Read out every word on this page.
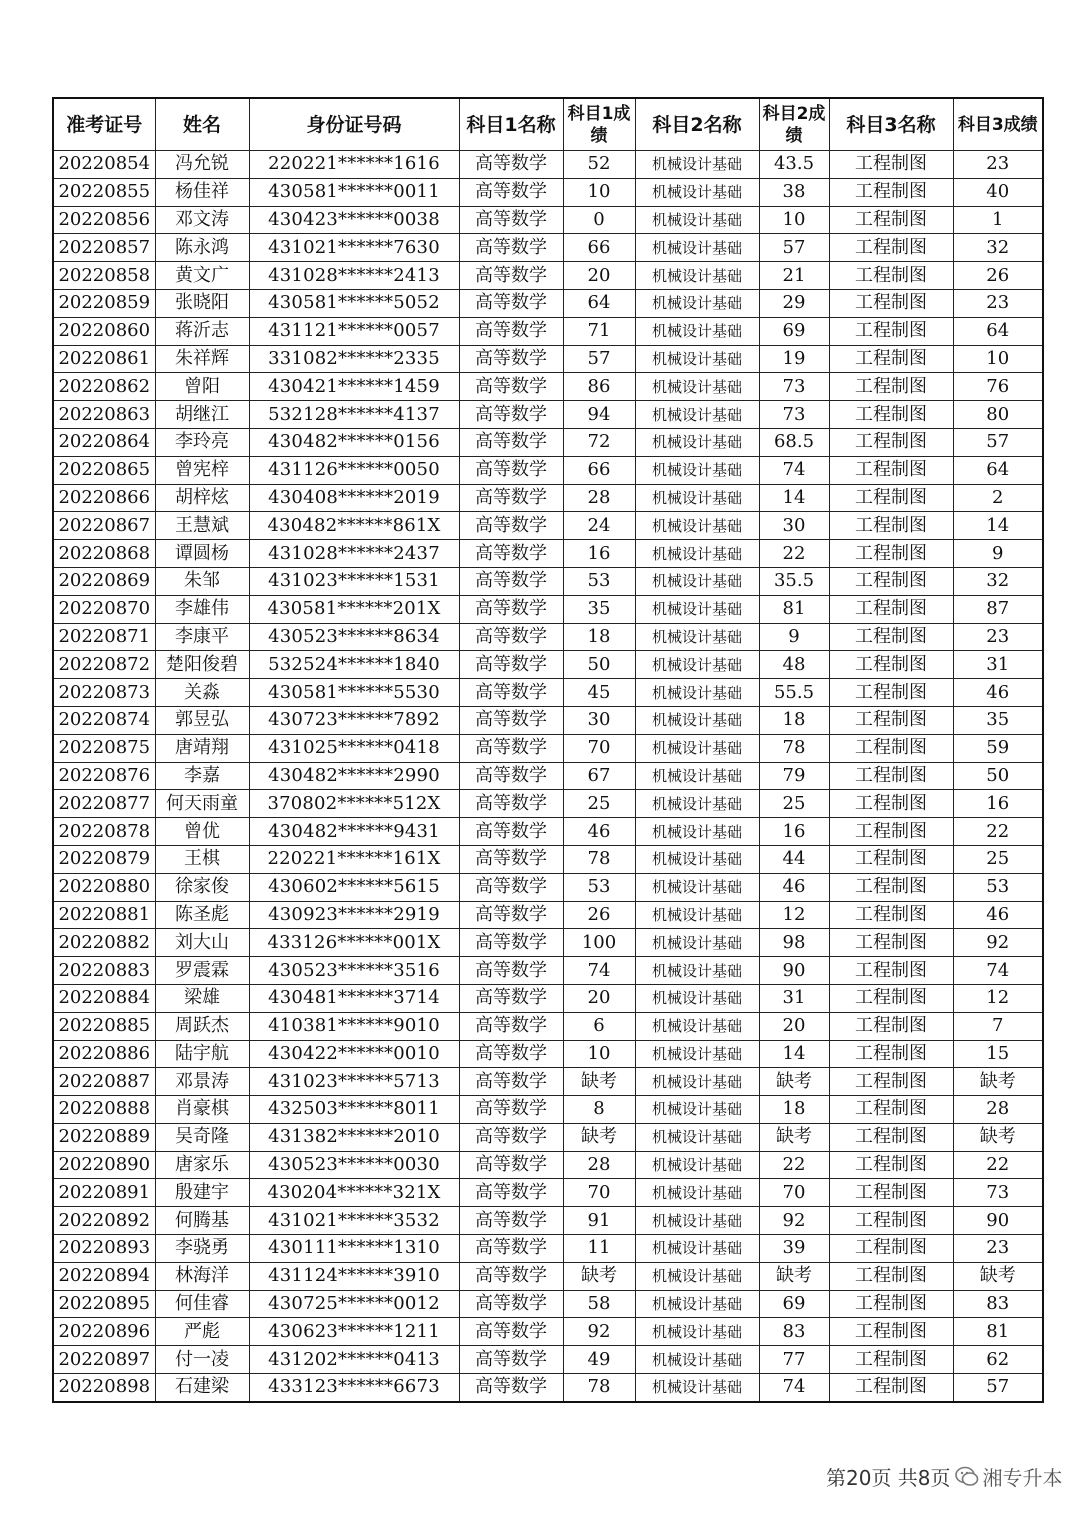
准考证号	姓名	身份证号码	科目1名称	科目1成绩	科目2名称	科目2成绩	科目3名称	科目3成绩
20220854	冯允锐	220221******1616	高等数学	52	机械设计基础	43.5	工程制图	23
20220855	杨佳祥	430581******0011	高等数学	10	机械设计基础	38	工程制图	40
20220856	邓文涛	430423******0038	高等数学	0	机械设计基础	10	工程制图	1
20220857	陈永鸿	431021******7630	高等数学	66	机械设计基础	57	工程制图	32
20220858	黄文广	431028******2413	高等数学	20	机械设计基础	21	工程制图	26
20220859	张晓阳	430581******5052	高等数学	64	机械设计基础	29	工程制图	23
20220860	蒋沂志	431121******0057	高等数学	71	机械设计基础	69	工程制图	64
20220861	朱祥辉	331082******2335	高等数学	57	机械设计基础	19	工程制图	10
20220862	曾阳	430421******1459	高等数学	86	机械设计基础	73	工程制图	76
20220863	胡继江	532128******4137	高等数学	94	机械设计基础	73	工程制图	80
20220864	李玲亮	430482******0156	高等数学	72	机械设计基础	68.5	工程制图	57
20220865	曾宪梓	431126******0050	高等数学	66	机械设计基础	74	工程制图	64
20220866	胡梓炫	430408******2019	高等数学	28	机械设计基础	14	工程制图	2
20220867	王慧斌	430482******861X	高等数学	24	机械设计基础	30	工程制图	14
20220868	谭圆杨	431028******2437	高等数学	16	机械设计基础	22	工程制图	9
20220869	朱邹	431023******1531	高等数学	53	机械设计基础	35.5	工程制图	32
20220870	李雄伟	430581******201X	高等数学	35	机械设计基础	81	工程制图	87
20220871	李康平	430523******8634	高等数学	18	机械设计基础	9	工程制图	23
20220872	楚阳俊碧	532524******1840	高等数学	50	机械设计基础	48	工程制图	31
20220873	关淼	430581******5530	高等数学	45	机械设计基础	55.5	工程制图	46
20220874	郭昱弘	430723******7892	高等数学	30	机械设计基础	18	工程制图	35
20220875	唐靖翔	431025******0418	高等数学	70	机械设计基础	78	工程制图	59
20220876	李嘉	430482******2990	高等数学	67	机械设计基础	79	工程制图	50
20220877	何天雨童	370802******512X	高等数学	25	机械设计基础	25	工程制图	16
20220878	曾优	430482******9431	高等数学	46	机械设计基础	16	工程制图	22
20220879	王棋	220221******161X	高等数学	78	机械设计基础	44	工程制图	25
20220880	徐家俊	430602******5615	高等数学	53	机械设计基础	46	工程制图	53
20220881	陈圣彪	430923******2919	高等数学	26	机械设计基础	12	工程制图	46
20220882	刘大山	433126******001X	高等数学	100	机械设计基础	98	工程制图	92
20220883	罗震霖	430523******3516	高等数学	74	机械设计基础	90	工程制图	74
20220884	梁雄	430481******3714	高等数学	20	机械设计基础	31	工程制图	12
20220885	周跃杰	410381******9010	高等数学	6	机械设计基础	20	工程制图	7
20220886	陆宇航	430422******0010	高等数学	10	机械设计基础	14	工程制图	15
20220887	邓景涛	431023******5713	高等数学	缺考	机械设计基础	缺考	工程制图	缺考
20220888	肖豪棋	432503******8011	高等数学	8	机械设计基础	18	工程制图	28
20220889	吴奇隆	431382******2010	高等数学	缺考	机械设计基础	缺考	工程制图	缺考
20220890	唐家乐	430523******0030	高等数学	28	机械设计基础	22	工程制图	22
20220891	殷建宇	430204******321X	高等数学	70	机械设计基础	70	工程制图	73
20220892	何腾基	431021******3532	高等数学	91	机械设计基础	92	工程制图	90
20220893	李骁勇	430111******1310	高等数学	11	机械设计基础	39	工程制图	23
20220894	林海洋	431124******3910	高等数学	缺考	机械设计基础	缺考	工程制图	缺考
20220895	何佳睿	430725******0012	高等数学	58	机械设计基础	69	工程制图	83
20220896	严彪	430623******1211	高等数学	92	机械设计基础	83	工程制图	81
20220897	付一凌	431202******0413	高等数学	49	机械设计基础	77	工程制图	62
20220898	石建梁	433123******6673	高等数学	78	机械设计基础	74	工程制图	57
第20页 共8页 湘专升本
